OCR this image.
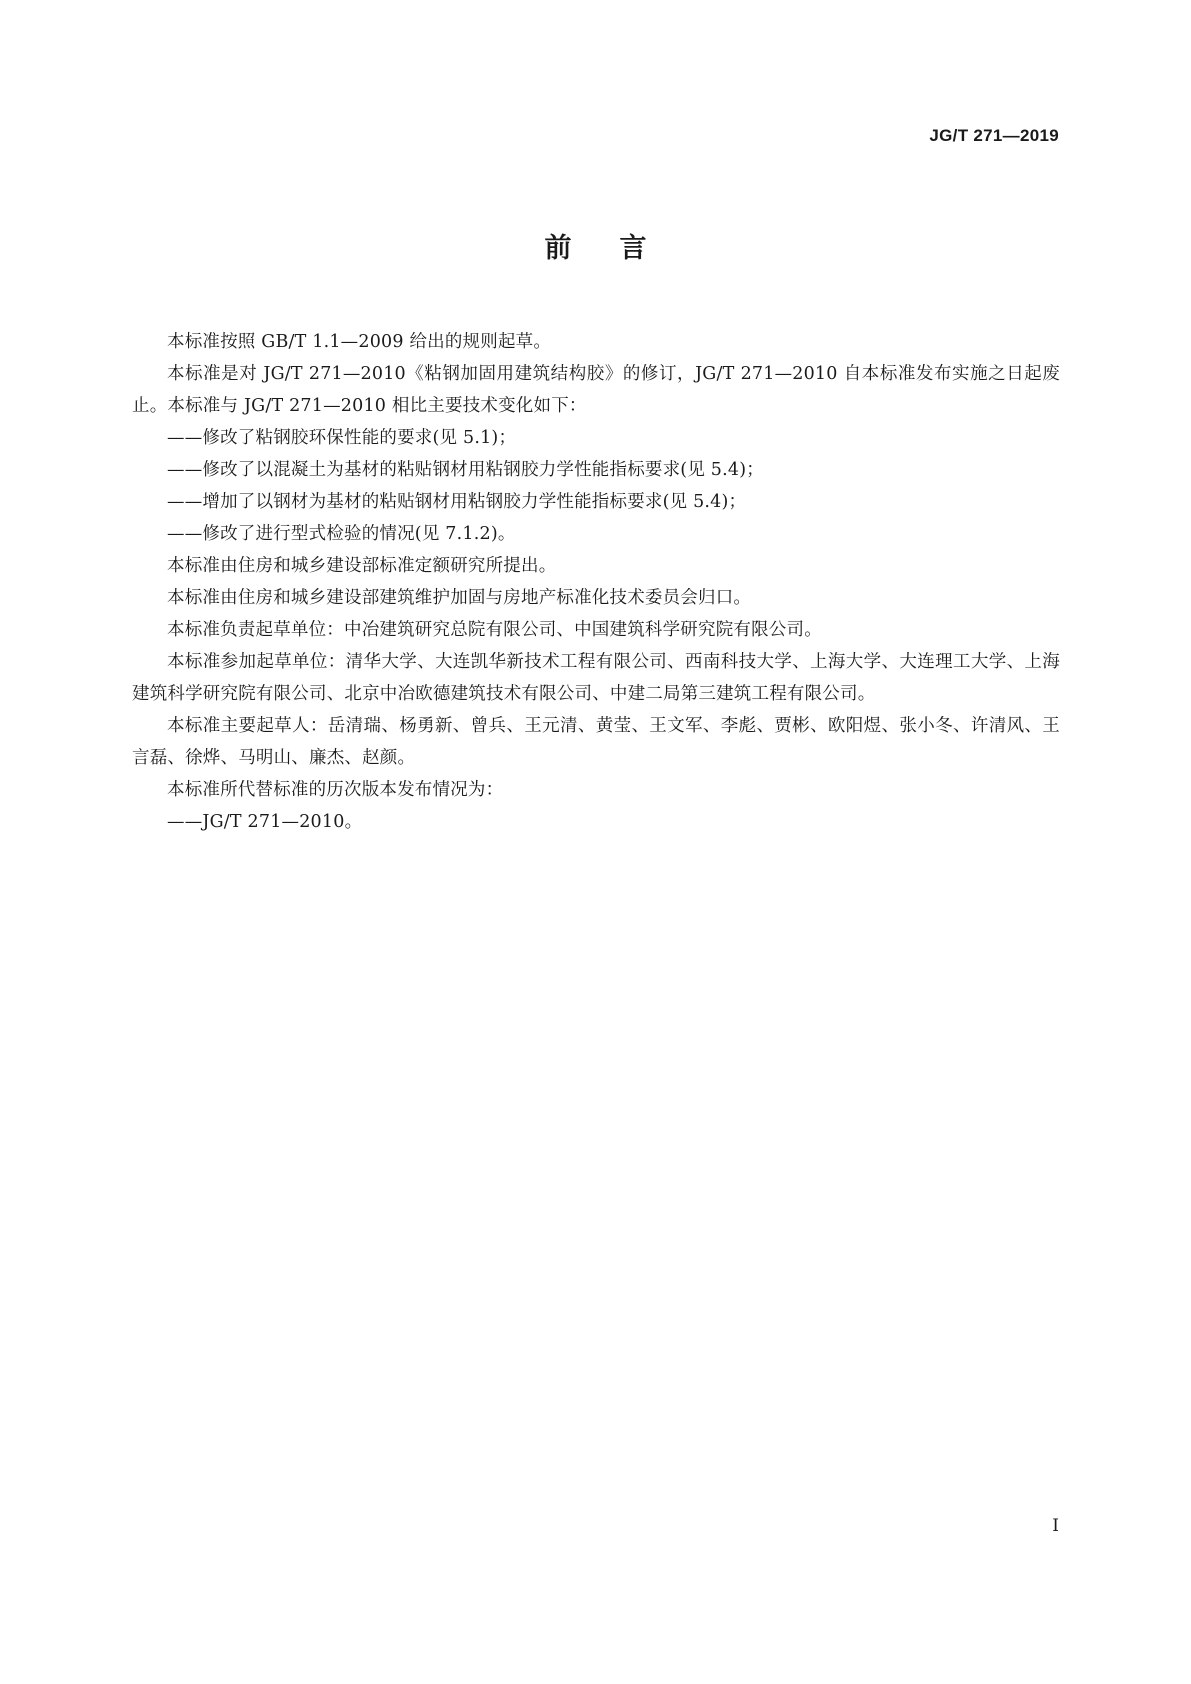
JG/T 271—2019
前言

本标准按照 GB/T 1.1—2009 给出的规则起草。

本标准是对 JG/T 271—2010《粘钢加固用建筑结构胶》的修订，JG/T 271—2010 自本标准发布实施之日起废止。本标准与 JG/T 271—2010 相比主要技术变化如下：

——修改了粘钢胶环保性能的要求(见 5.1)；

——修改了以混凝土为基材的粘贴钢材用粘钢胶力学性能指标要求(见 5.4)；

——增加了以钢材为基材的粘贴钢材用粘钢胶力学性能指标要求(见 5.4)；

——修改了进行型式检验的情况(见 7.1.2)。

本标准由住房和城乡建设部标准定额研究所提出。

本标准由住房和城乡建设部建筑维护加固与房地产标准化技术委员会归口。

本标准负责起草单位：中冶建筑研究总院有限公司、中国建筑科学研究院有限公司。

本标准参加起草单位：清华大学、大连凯华新技术工程有限公司、西南科技大学、上海大学、大连理工大学、上海建筑科学研究院有限公司、北京中冶欧德建筑技术有限公司、中建二局第三建筑工程有限公司。

本标准主要起草人：岳清瑞、杨勇新、曾兵、王元清、黄莹、王文军、李彪、贾彬、欧阳煜、张小冬、许清风、王言磊、徐烨、马明山、廉杰、赵颜。

本标准所代替标准的历次版本发布情况为：

——JG/T 271—2010。

I
